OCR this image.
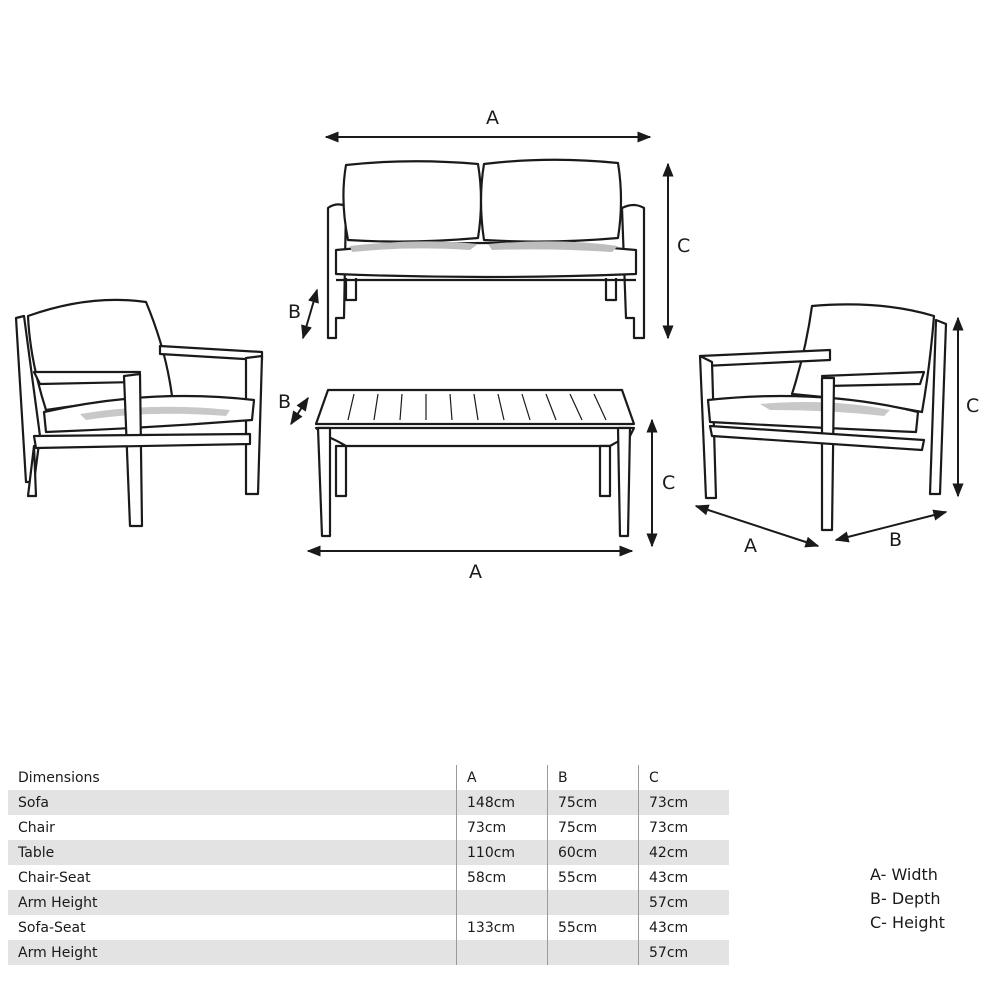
A
C
B
A
C
B	C
A	B
Dimensions	A	B	C
Sofa	148cm	75cm	73cm
Chair	73cm	75cm	73cm
Table	110cm	60cm	42cm
Chair-Seat	58cm	55cm	43cm
Arm Height			57cm
Sofa-Seat	133cm	55cm	43cm
Arm Height			57cm
A- Width
B- Depth
C- Height
